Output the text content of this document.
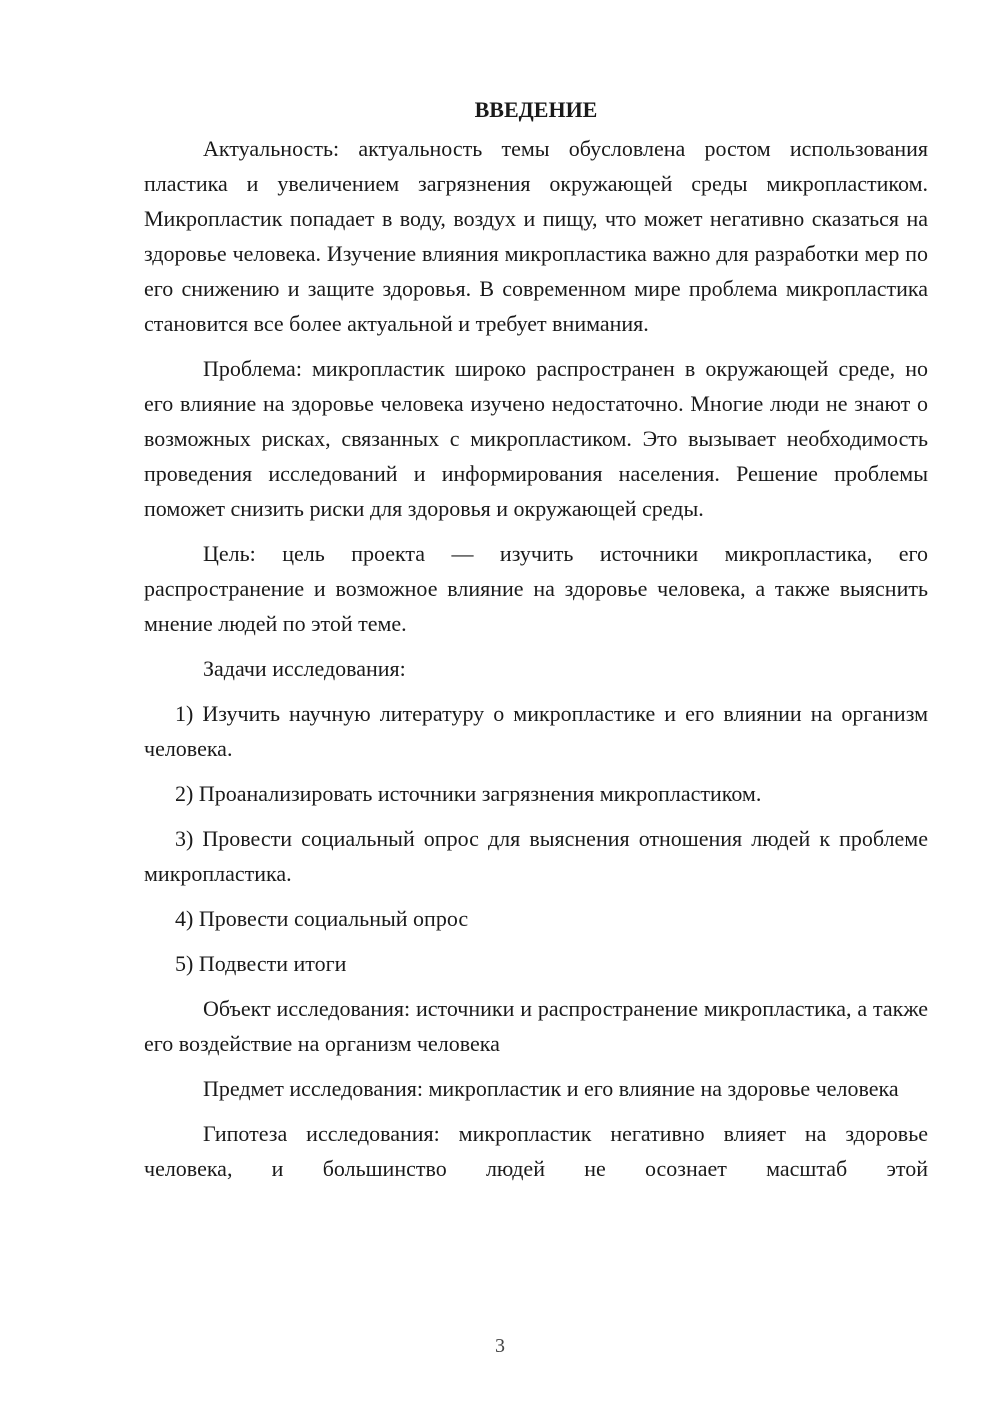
ВВЕДЕНИЕ

Актуальность: актуальность темы обусловлена ростом использования пластика и увеличением загрязнения окружающей среды микропластиком. Микропластик попадает в воду, воздух и пищу, что может негативно сказаться на здоровье человека. Изучение влияния микропластика важно для разработки мер по его снижению и защите здоровья. В современном мире проблема микропластика становится все более актуальной и требует внимания.

Проблема: микропластик широко распространен в окружающей среде, но его влияние на здоровье человека изучено недостаточно. Многие люди не знают о возможных рисках, связанных с микропластиком. Это вызывает необходимость проведения исследований и информирования населения. Решение проблемы поможет снизить риски для здоровья и окружающей среды.

Цель: цель проекта — изучить источники микропластика, его распространение и возможное влияние на здоровье человека, а также выяснить мнение людей по этой теме.

Задачи исследования:

1) Изучить научную литературу о микропластике и его влиянии на организм человека.

2) Проанализировать источники загрязнения микропластиком.

3) Провести социальный опрос для выяснения отношения людей к проблеме микропластика.

4) Провести социальный опрос

5) Подвести итоги

Объект исследования: источники и распространение микропластика, а также его воздействие на организм человека

Предмет исследования: микропластик и его влияние на здоровье человека

Гипотеза исследования: микропластик негативно влияет на здоровье человека, и большинство людей не осознает масштаб этой

3
